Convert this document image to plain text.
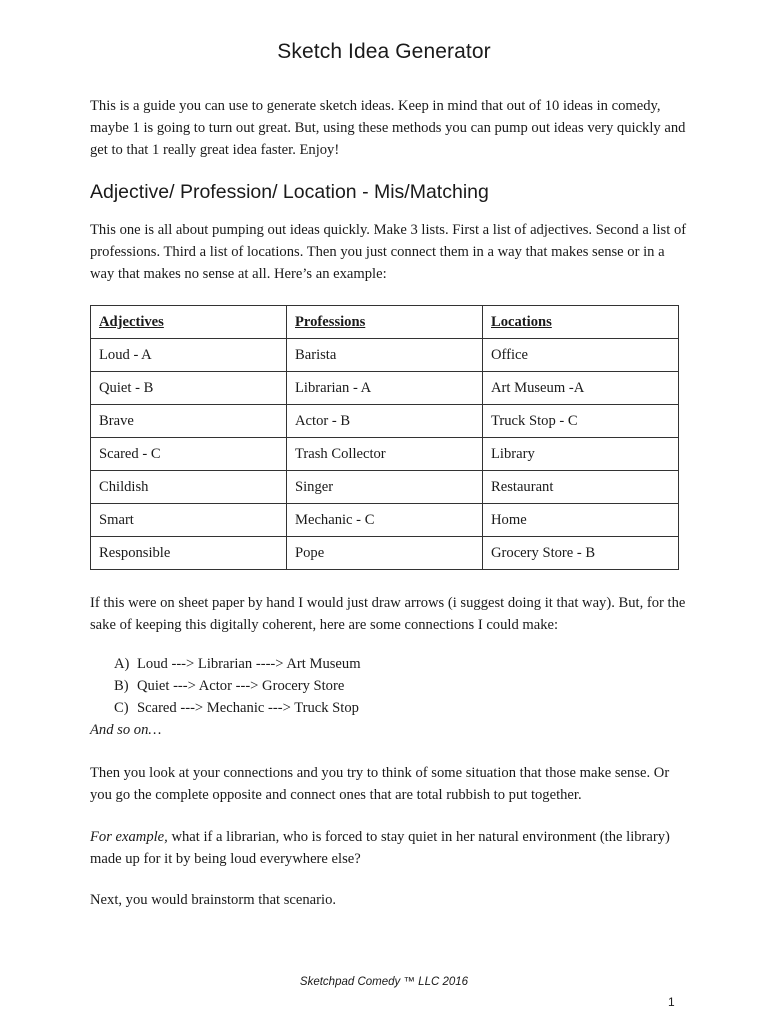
Sketch Idea Generator

This is a guide you can use to generate sketch ideas. Keep in mind that out of 10 ideas in comedy, maybe 1 is going to turn out great. But, using these methods you can pump out ideas very quickly and get to that 1 really great idea faster. Enjoy!

Adjective/ Profession/ Location - Mis/Matching

This one is all about pumping out ideas quickly. Make 3 lists. First a list of adjectives. Second a list of professions. Third a list of locations. Then you just connect them in a way that makes sense or in a way that makes no sense at all. Here’s an example:

Adjectives	Professions	Locations
Loud - A	Barista	Office
Quiet - B	Librarian - A	Art Museum -A
Brave	Actor - B	Truck Stop - C
Scared - C	Trash Collector	Library
Childish	Singer	Restaurant
Smart	Mechanic - C	Home
Responsible	Pope	Grocery Store - B

If this were on sheet paper by hand I would just draw arrows (i suggest doing it that way). But, for the sake of keeping this digitally coherent, here are some connections I could make:

A) Loud ---> Librarian ----> Art Museum
B) Quiet ---> Actor ---> Grocery Store
C) Scared ---> Mechanic ---> Truck Stop

And so on…

Then you look at your connections and you try to think of some situation that those make sense. Or you go the complete opposite and connect ones that are total rubbish to put together.

For example, what if a librarian, who is forced to stay quiet in her natural environment (the library) made up for it by being loud everywhere else?

Next, you would brainstorm that scenario.

Sketchpad Comedy ™ LLC 2016

1
